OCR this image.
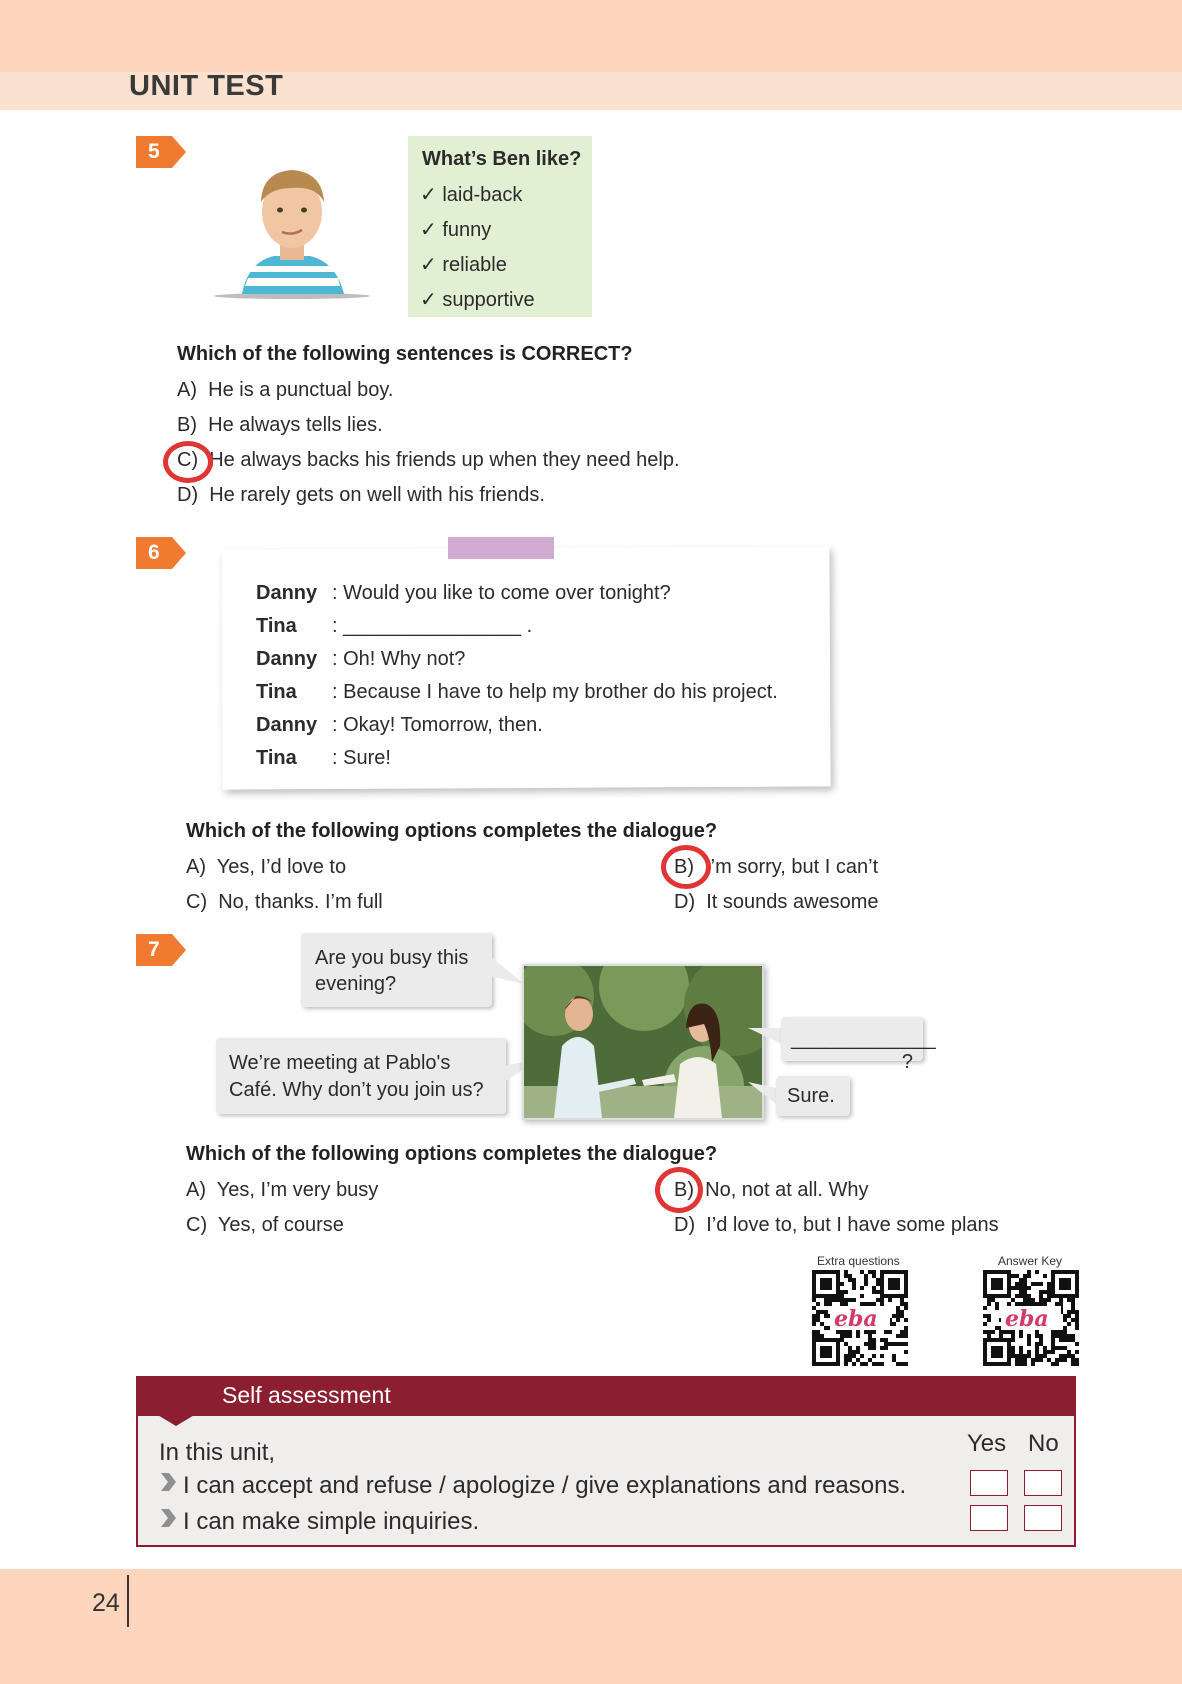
UNIT TEST
5	What’s Ben like?
✓ laid-back
✓ funny
✓ reliable
✓ supportive
Which of the following sentences is CORRECT?
A) He is a punctual boy.
B) He always tells lies.
C) He always backs his friends up when they need help.
D) He rarely gets on well with his friends.
6
Danny : Would you like to come over tonight?
Tina : ________________ .
Danny : Oh! Why not?
Tina : Because I have to help my brother do his project.
Danny : Okay! Tomorrow, then.
Tina : Sure!
Which of the following options completes the dialogue?
A) Yes, I’d love to	B) I’m sorry, but I can’t
C) No, thanks. I’m full	D) It sounds awesome
7	Are you busy this evening?
We’re meeting at Pablo's Café. Why don’t you join us?
_____________ ?
Sure.
Which of the following options completes the dialogue?
A) Yes, I’m very busy	B) No, not at all. Why
C) Yes, of course	D) I’d love to, but I have some plans
Extra questions	Answer Key
eba	eba
Self assessment
In this unit,	Yes No
I can accept and refuse / apologize / give explanations and reasons.
I can make simple inquiries.
24
